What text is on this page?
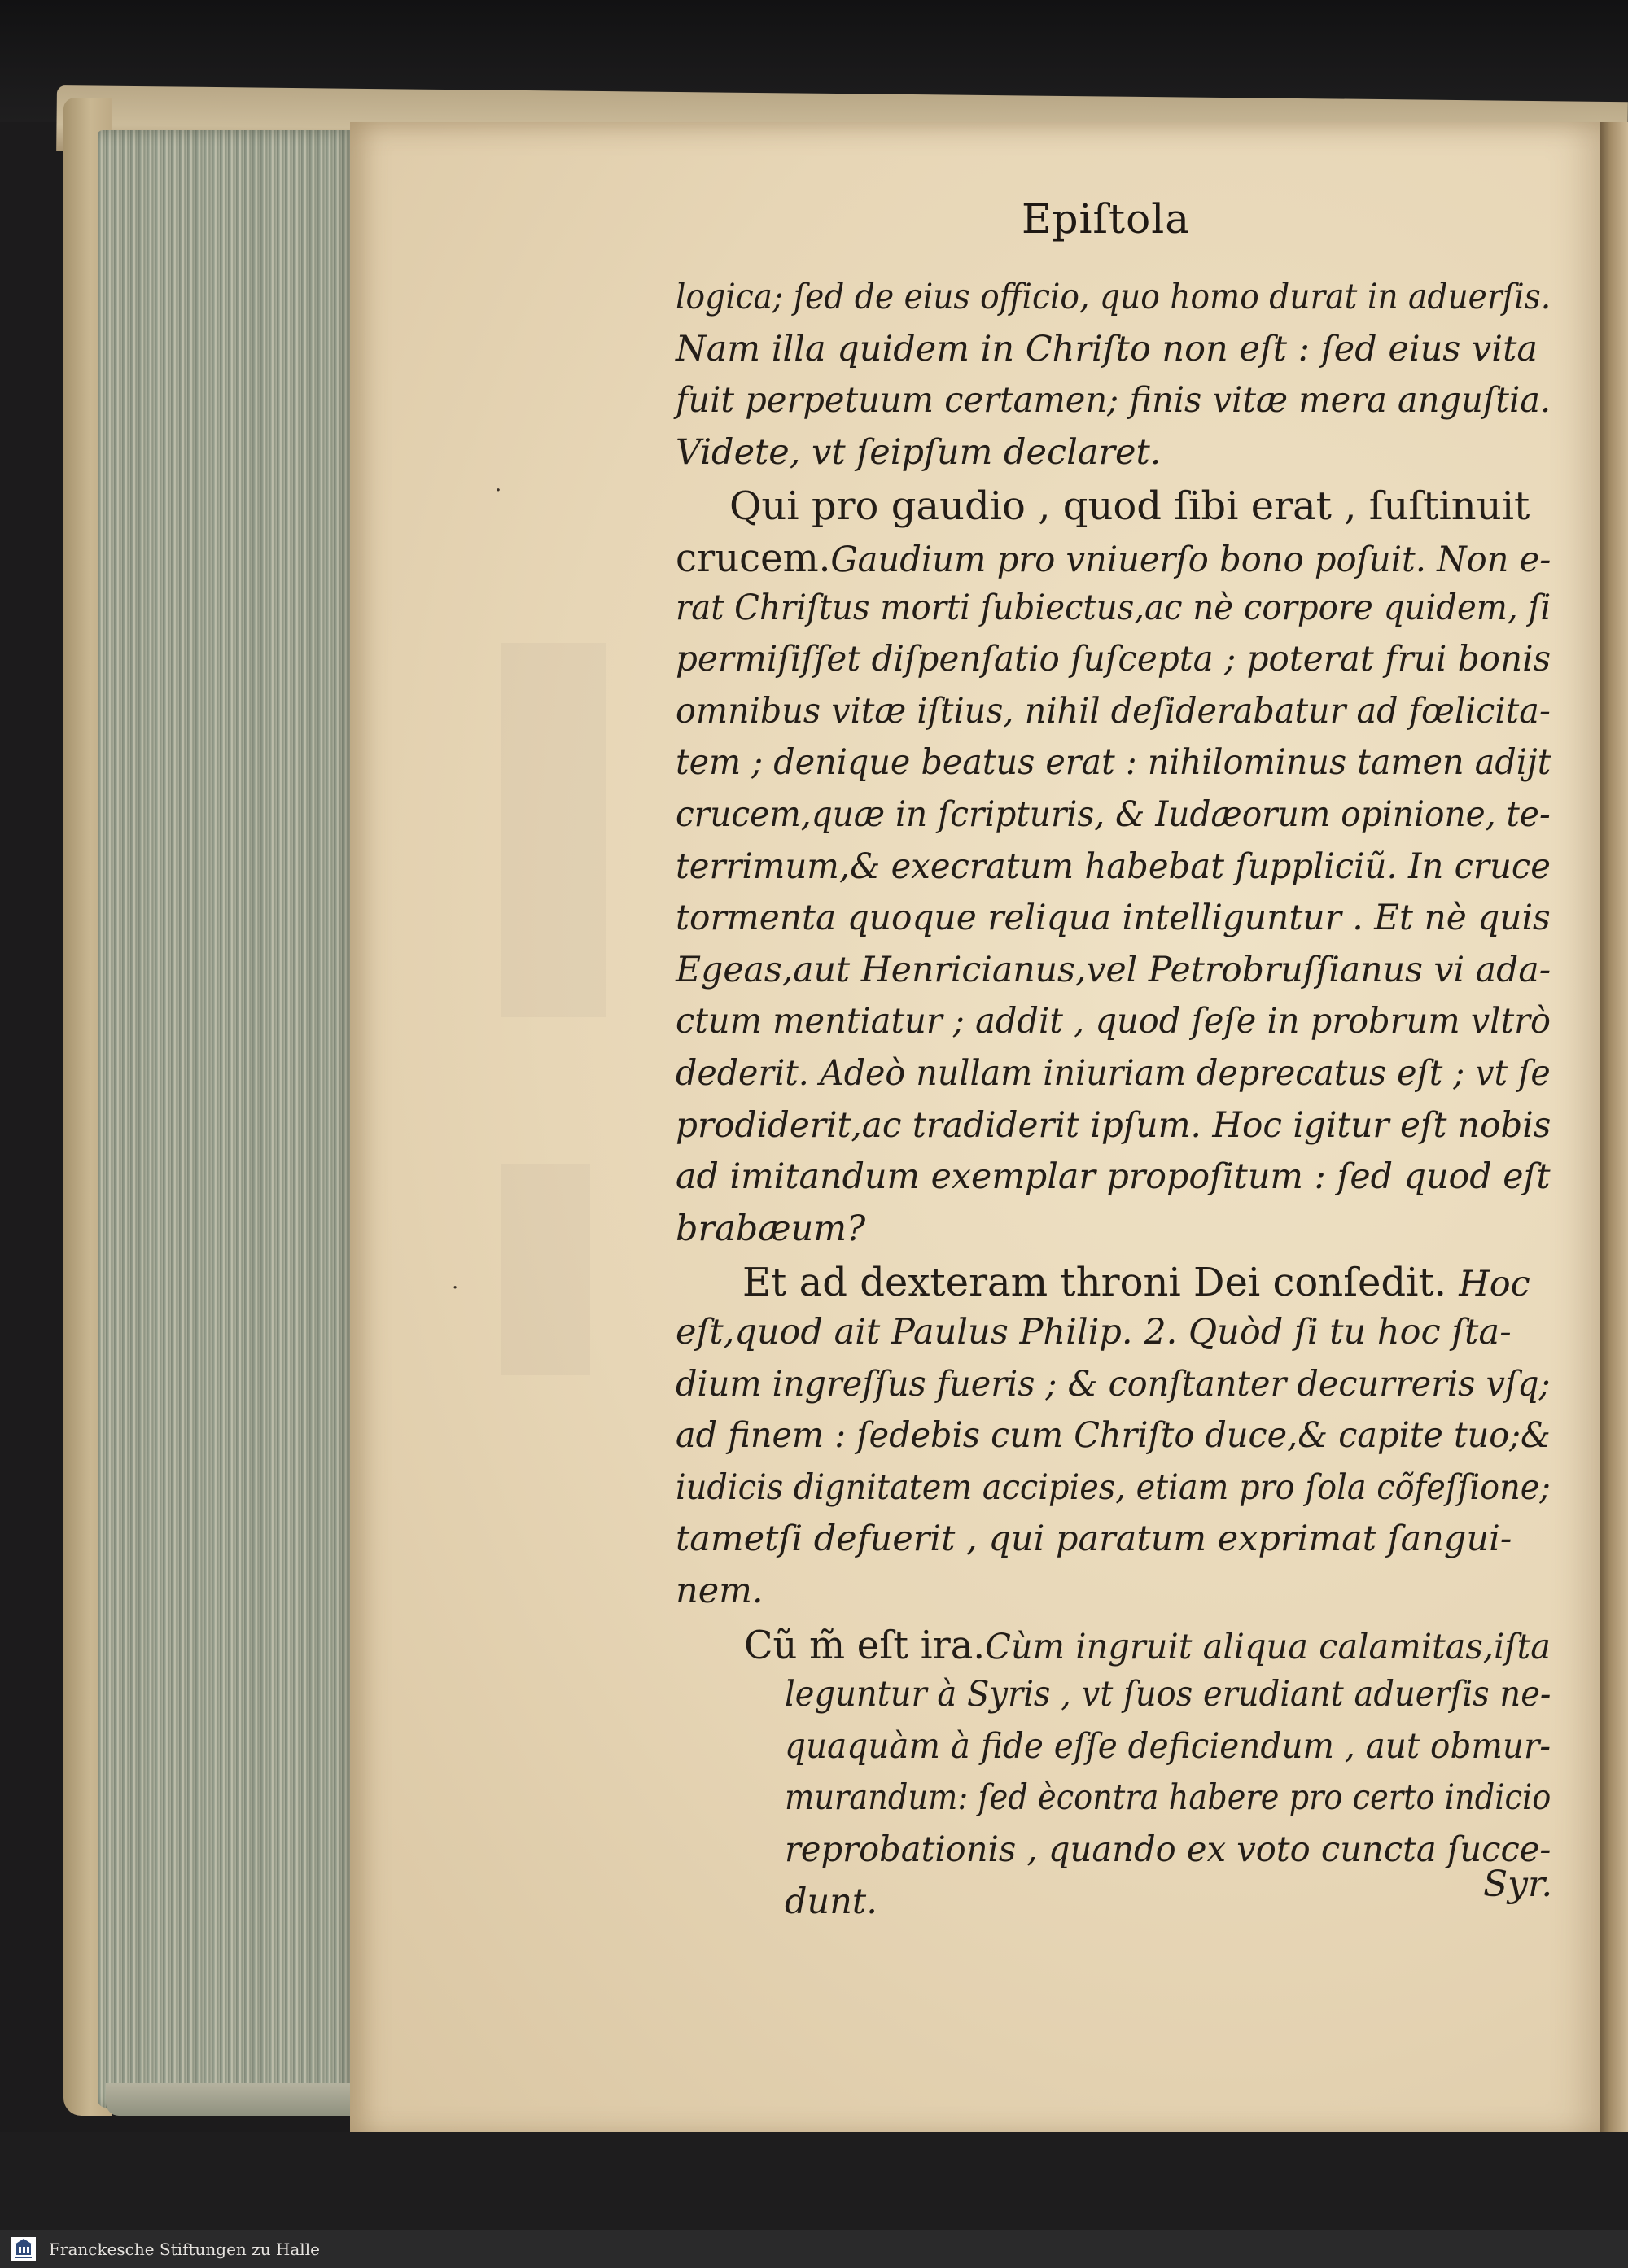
Epiſtola
Syr.
·
·
Franckesche Stiftungen zu Halle
logica; ſed de eius officio, quo homo durat in aduerſis.
Nam illa quidem in Chriſto non eſt : ſed eius vita
fuit perpetuum certamen; finis vitæ mera anguſtia.
Videte, vt ſeipſum declaret.
Qui pro gaudio , quod ſibi erat , ſuſtinuit
crucem.Gaudium pro vniuerſo bono poſuit. Non e-
rat Chriſtus morti ſubiectus,ac nè corpore quidem, ſi
permiſiſſet diſpenſatio ſuſcepta ; poterat frui bonis
omnibus vitæ iſtius, nihil deſiderabatur ad fœlicita-
tem ; denique beatus erat : nihilominus tamen adijt
crucem,quæ in ſcripturis, & Iudæorum opinione, te-
terrimum,& execratum habebat ſuppliciũ. In cruce
tormenta quoque reliqua intelliguntur . Et nè quis
Egeas,aut Henricianus,vel Petrobruſſianus vi ada-
ctum mentiatur ; addit , quod ſeſe in probrum vltrò
dederit. Adeò nullam iniuriam deprecatus eſt ; vt ſe
prodiderit,ac tradiderit ipſum. Hoc igitur eſt nobis
ad imitandum exemplar propoſitum : ſed quod eſt
brabæum?
Et ad dexteram throni Dei conſedit. Hoc
eſt,quod ait Paulus Philip. 2. Quòd ſi tu hoc ſta-
dium ingreſſus fueris ; & conſtanter decurreris vſq;
ad finem : ſedebis cum Chriſto duce,& capite tuo;&
iudicis dignitatem accipies, etiam pro ſola cõfeſſione;
tametſi defuerit , qui paratum exprimat ſangui-
nem.
Cũ m̃ eſt ira.Cùm ingruit aliqua calamitas,iſta
leguntur à Syris , vt ſuos erudiant aduerſis ne-
quaquàm à fide eſſe deficiendum , aut obmur-
murandum: ſed ècontra habere pro certo indicio
reprobationis , quando ex voto cuncta ſucce-
dunt.
